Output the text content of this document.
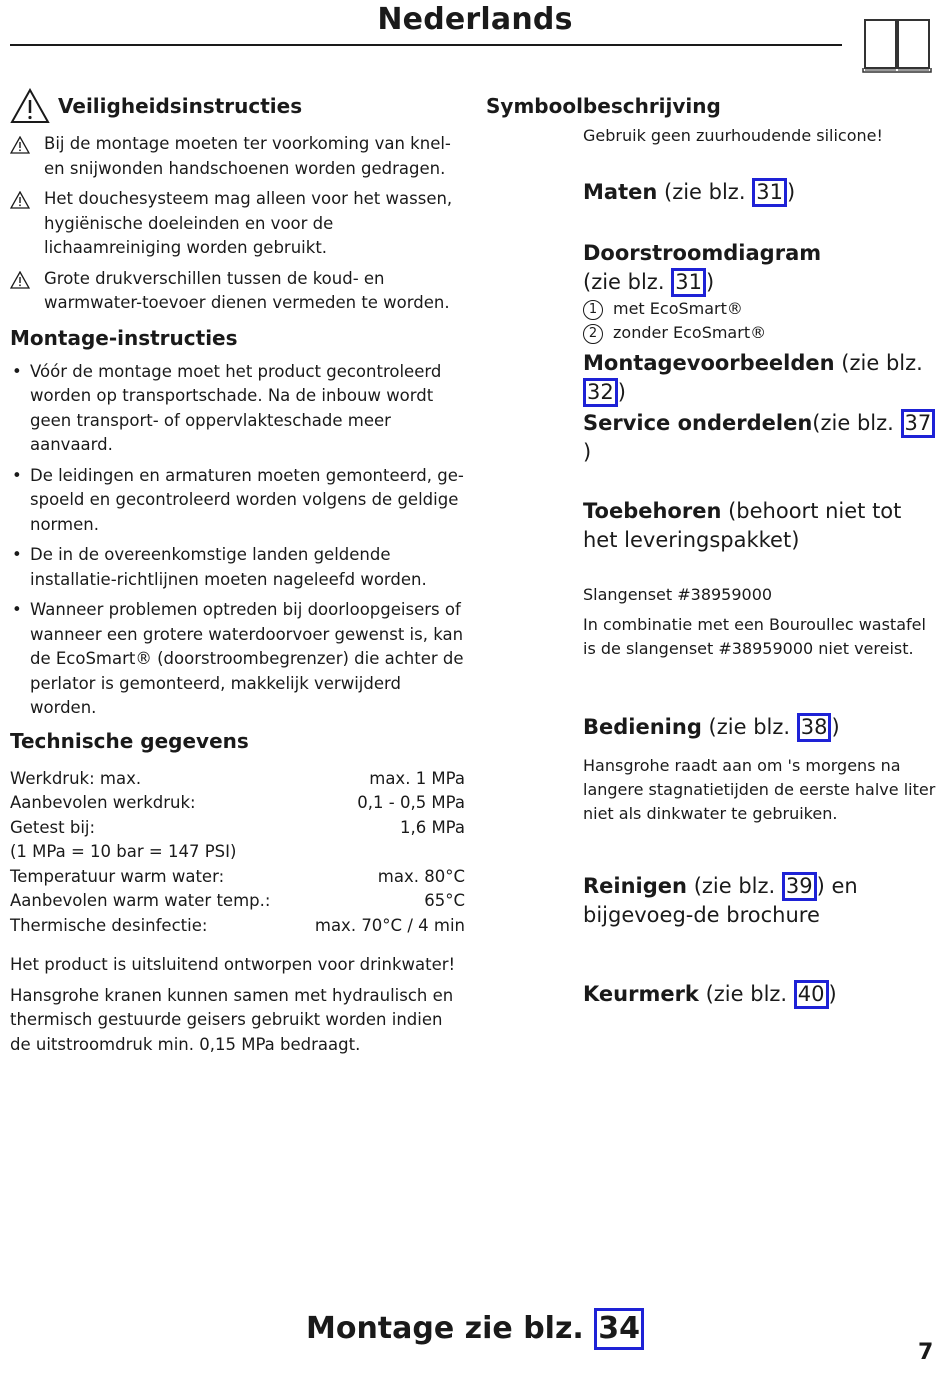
Nederlands
Veiligheidsinstructies
Bij de montage moeten ter voorkoming van knel- en snijwonden handschoenen worden gedragen.
Het douchesysteem mag alleen voor het wassen, hygiënische doeleinden en voor de lichaamreiniging worden gebruikt.
Grote drukverschillen tussen de koud- en warmwater-toevoer dienen vermeden te worden.
Montage-instructies
• Vóór de montage moet het product gecontroleerd worden op transportschade. Na de inbouw wordt geen transport- of oppervlakteschade meer aanvaard.
• De leidingen en armaturen moeten gemonteerd, ge-spoeld en gecontroleerd worden volgens de geldige normen.
• De in de overeenkomstige landen geldende installatie-richtlijnen moeten nageleefd worden.
• Wanneer problemen optreden bij doorloopgeisers of wanneer een grotere waterdoorvoer gewenst is, kan de EcoSmart® (doorstroombegrenzer) die achter de perlator is gemonteerd, makkelijk verwijderd worden.
Technische gegevens
Werkdruk: max.	max. 1 MPa
Aanbevolen werkdruk:	0,1 - 0,5 MPa
Getest bij:	1,6 MPa
(1 MPa = 10 bar = 147 PSI)
Temperatuur warm water:	max. 80°C
Aanbevolen warm water temp.:	65°C
Thermische desinfectie:	max. 70°C / 4 min
Het product is uitsluitend ontworpen voor drinkwater!
Hansgrohe kranen kunnen samen met hydraulisch en thermisch gestuurde geisers gebruikt worden indien de uitstroomdruk min. 0,15 MPa bedraagt.
Symboolbeschrijving
Gebruik geen zuurhoudende silicone!
Maten (zie blz. 31 )
Doorstroomdiagram
(zie blz. 31 )
1 met EcoSmart®
2 zonder EcoSmart®
Montagevoorbeelden (zie blz. 32 )
Service onderdelen(zie blz. 37)
Toebehoren (behoort niet tot het leveringspakket)
Slangenset #38959000
In combinatie met een Bouroullec wastafel is de slangenset #38959000 niet vereist.
Bediening (zie blz. 38 )
Hansgrohe raadt aan om 's morgens na langere stagnatietijden de eerste halve liter niet als dinkwater te gebruiken.
Reinigen (zie blz. 39 ) en bijgevoeg-de brochure
Keurmerk (zie blz. 40 )
Montage zie blz. 34
7
